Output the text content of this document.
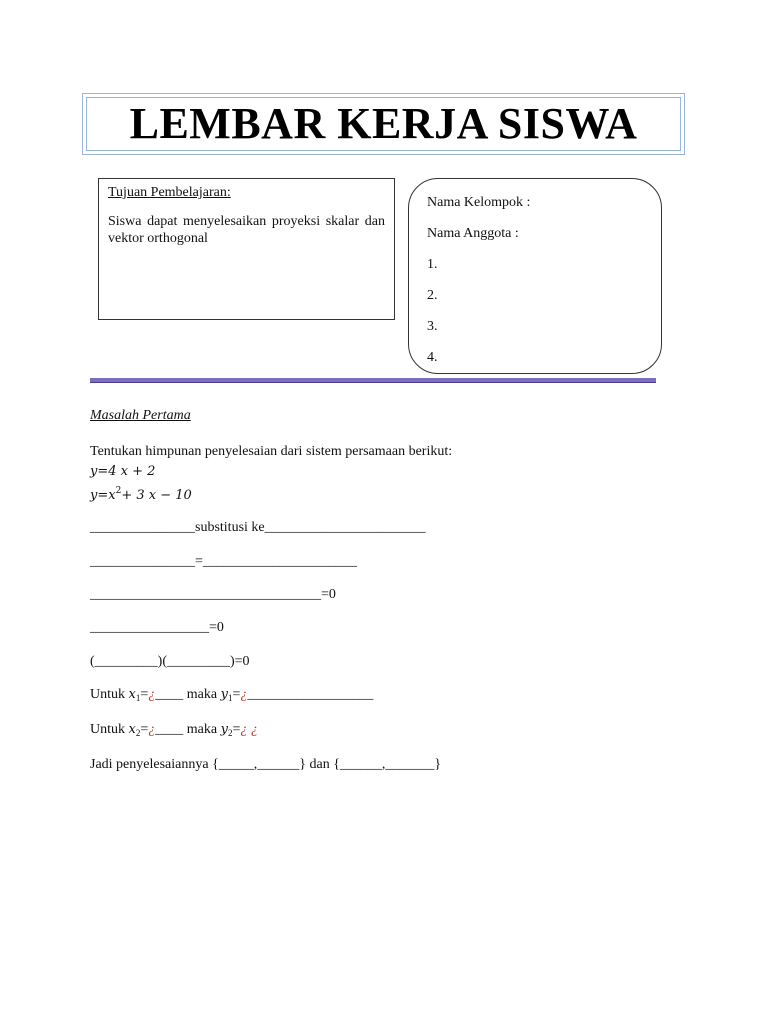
LEMBAR KERJA SISWA
Tujuan Pembelajaran:
Siswa dapat menyelesaikan proyeksi skalar dan vektor orthogonal
Nama Kelompok :
Nama Anggota :
1.
2.
3.
4.
Masalah Pertama
Tentukan himpunan penyelesaian dari sistem persamaan berikut:
y=4 x + 2
$y=x^2+ 3$ x − 10
_______________substitusi ke_______________________
_______________=______________________
_________________________________=0
_________________=0
(_________)(_________)=0
Untuk $x_1=¿\_\_\_\_$ maka $y_1=¿\_\_\_\_\_\_\_\_\_\_\_\_\_\_\_\_\_\_$
Untuk $x_2=¿\_\_\_\_$ maka $y_2=¿$ ¿
Jadi penyelesaiannya {_____,______} dan {______,_______}
